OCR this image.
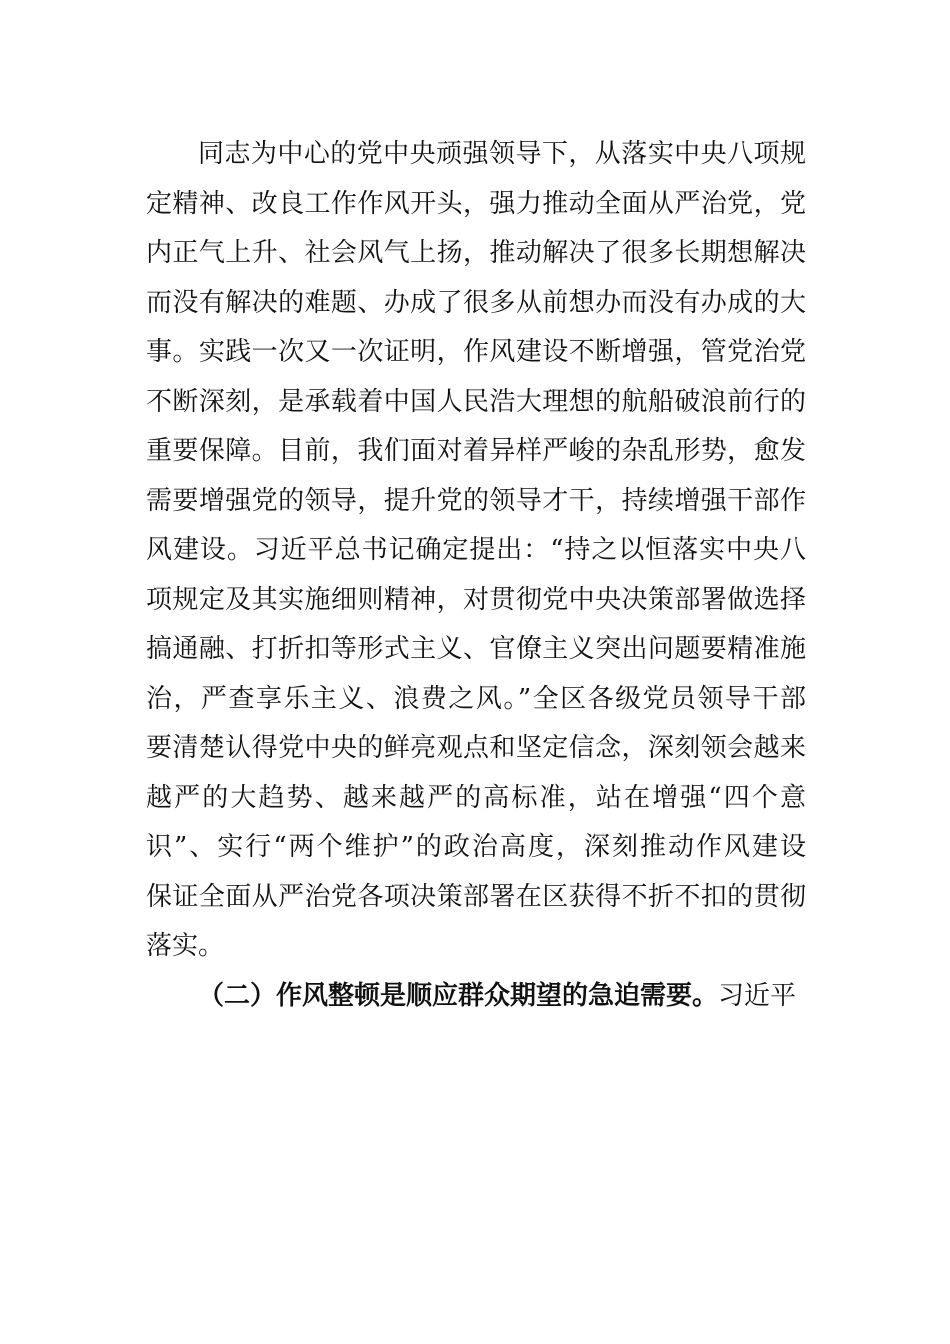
同志为中心的党中央顽强领导下，从落实中央八项规
定精神、改良工作作风开头，强力推动全面从严治党，党
内正气上升、社会风气上扬，推动解决了很多长期想解决
而没有解决的难题、办成了很多从前想办而没有办成的大
事。实践一次又一次证明，作风建设不断增强，管党治党
不断深刻，是承载着中国人民浩大理想的航船破浪前行的
重要保障。目前，我们面对着异样严峻的杂乱形势，愈发
需要增强党的领导，提升党的领导才干，持续增强干部作
风建设。习近平总书记确定提出：“持之以恒落实中央八
项规定及其实施细则精神，对贯彻党中央决策部署做选择
搞通融、打折扣等形式主义、官僚主义突出问题要精准施
治，严查享乐主义、浪费之风。”全区各级党员领导干部
要清楚认得党中央的鲜亮观点和坚定信念，深刻领会越来
越严的大趋势、越来越严的高标准，站在增强“四个意
识”、实行“两个维护”的政治高度，深刻推动作风建设
保证全面从严治党各项决策部署在区获得不折不扣的贯彻
落实。
（二）作风整顿是顺应群众期望的急迫需要。习近平
